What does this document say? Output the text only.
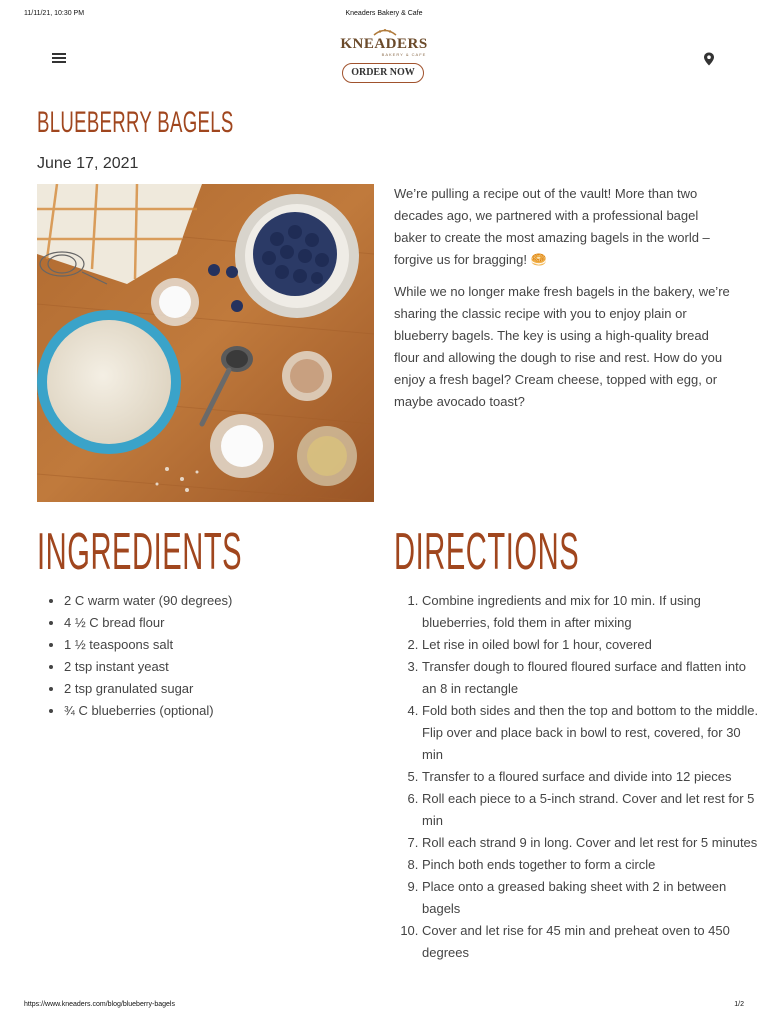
11/11/21, 10:30 PM	Kneaders Bakery & Cafe
KNEADERS
BAKERY & CAFE
ORDER NOW
BLUEBERRY BAGELS
June 17, 2021

We’re pulling a recipe out of the vault! More than two decades ago, we partnered with a professional bagel baker to create the most amazing bagels in the world – forgive us for bragging! 🥯

While we no longer make fresh bagels in the bakery, we’re sharing the classic recipe with you to enjoy plain or blueberry bagels. The key is using a high-quality bread flour and allowing the dough to rise and rest. How do you enjoy a fresh bagel? Cream cheese, topped with egg, or maybe avocado toast?

INGREDIENTS	DIRECTIONS
• 2 C warm water (90 degrees)
• 4 ½ C bread flour
• 1 ½ teaspoons salt
• 2 tsp instant yeast
• 2 tsp granulated sugar
• ¾ C blueberries (optional)
1. Combine ingredients and mix for 10 min. If using blueberries, fold them in after mixing
2. Let rise in oiled bowl for 1 hour, covered
3. Transfer dough to floured floured surface and flatten into an 8 in rectangle
4. Fold both sides and then the top and bottom to the middle. Flip over and place back in bowl to rest, covered, for 30 min
5. Transfer to a floured surface and divide into 12 pieces
6. Roll each piece to a 5-inch strand. Cover and let rest for 5 min
7. Roll each strand 9 in long. Cover and let rest for 5 minutes
8. Pinch both ends together to form a circle
9. Place onto a greased baking sheet with 2 in between bagels
10. Cover and let rise for 45 min and preheat oven to 450 degrees
https://www.kneaders.com/blog/blueberry-bagels	1/2
